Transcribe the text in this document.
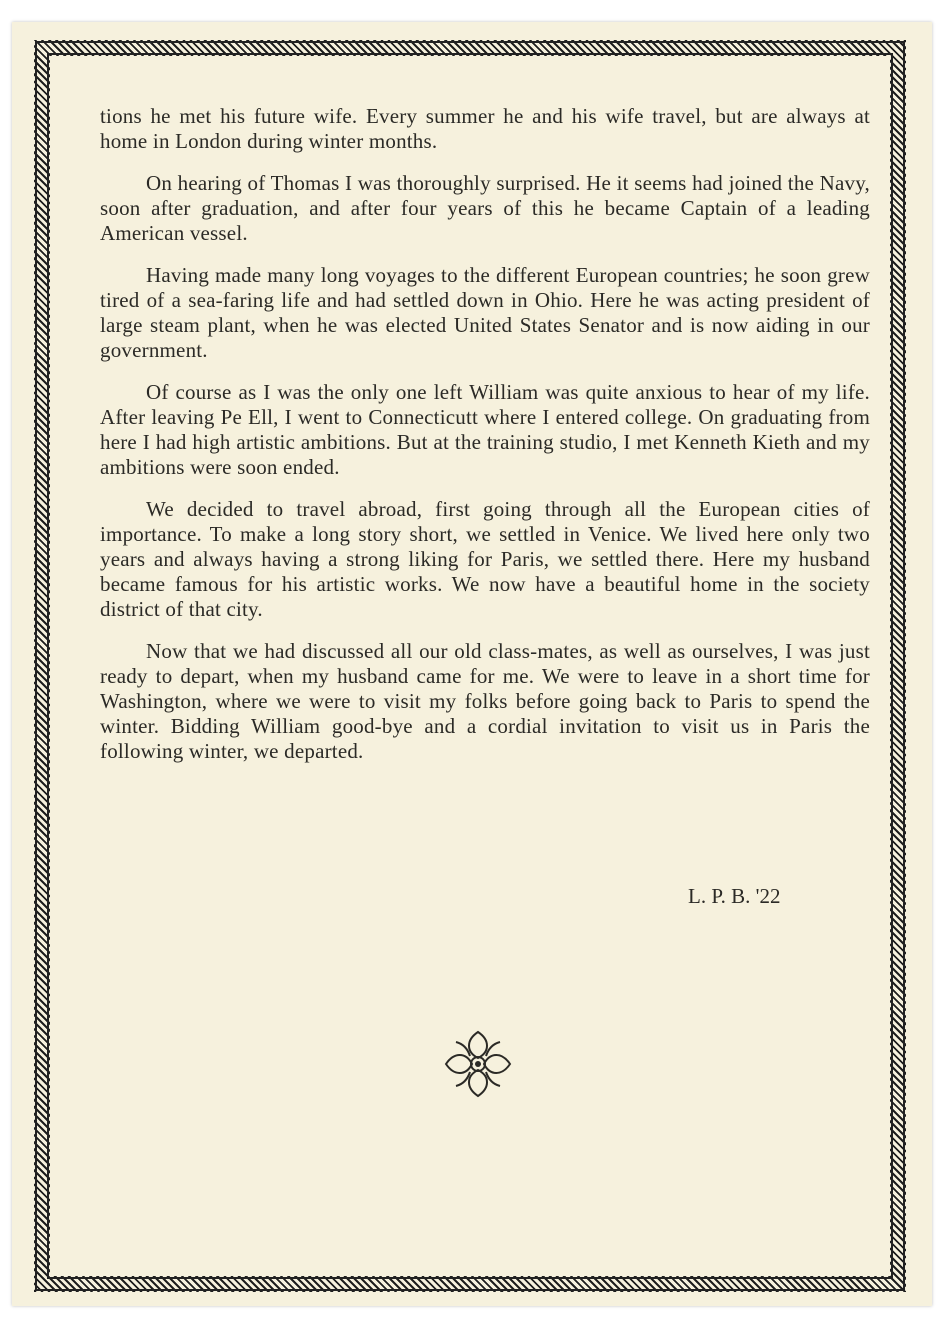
tions he met his future wife. Every summer he and his wife travel, but are always at home in London during winter months.

On hearing of Thomas I was thoroughly surprised. He it seems had joined the Navy, soon after graduation, and after four years of this he became Captain of a leading American vessel.

Having made many long voyages to the different European countries; he soon grew tired of a sea-faring life and had settled down in Ohio. Here he was acting president of large steam plant, when he was elected United States Senator and is now aiding in our government.

Of course as I was the only one left William was quite anxious to hear of my life. After leaving Pe Ell, I went to Connecticutt where I entered college. On graduating from here I had high artistic ambitions. But at the training studio, I met Kenneth Kieth and my ambitions were soon ended.

We decided to travel abroad, first going through all the European cities of importance. To make a long story short, we settled in Venice. We lived here only two years and always having a strong liking for Paris, we settled there. Here my husband became famous for his artistic works. We now have a beautiful home in the society district of that city.

Now that we had discussed all our old class-mates, as well as ourselves, I was just ready to depart, when my husband came for me. We were to leave in a short time for Washington, where we were to visit my folks before going back to Paris to spend the winter. Bidding William good-bye and a cordial invitation to visit us in Paris the following winter, we departed.

L. P. B. '22
